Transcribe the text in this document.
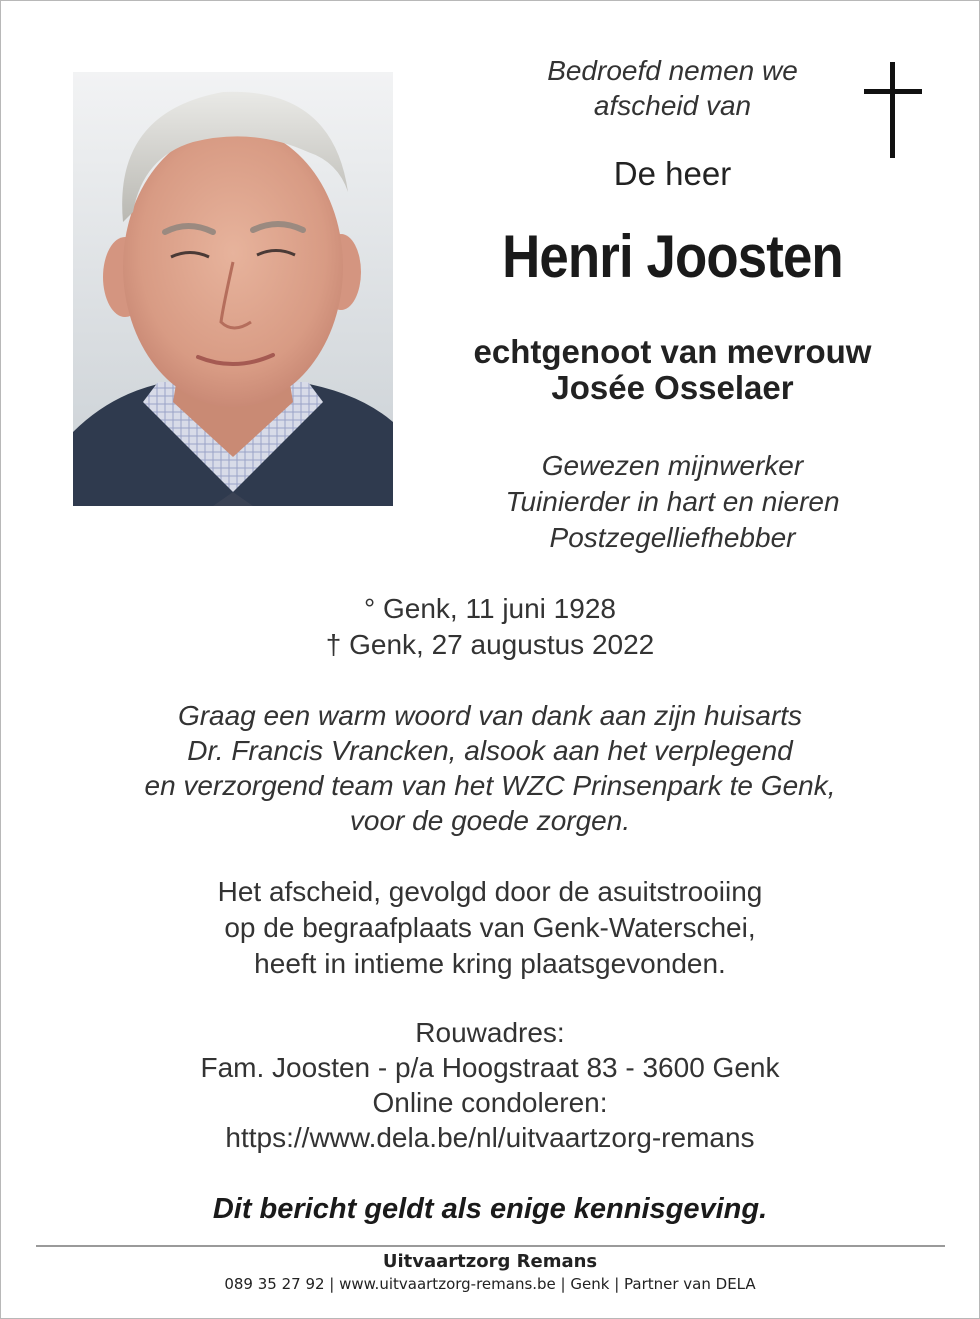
Bedroefd nemen we
afscheid van
De heer
Henri Joosten
echtgenoot van mevrouw
Josée Osselaer
Gewezen mijnwerker
Tuinierder in hart en nieren
Postzegelliefhebber
° Genk, 11 juni 1928
† Genk, 27 augustus 2022
Graag een warm woord van dank aan zijn huisarts
Dr. Francis Vrancken, alsook aan het verplegend
en verzorgend team van het WZC Prinsenpark te Genk,
voor de goede zorgen.
Het afscheid, gevolgd door de asuitstrooiing
op de begraafplaats van Genk-Waterschei,
heeft in intieme kring plaatsgevonden.
Rouwadres:
Fam. Joosten - p/a Hoogstraat 83 - 3600 Genk
Online condoleren:
https://www.dela.be/nl/uitvaartzorg-remans
Dit bericht geldt als enige kennisgeving.
Uitvaartzorg Remans
089 35 27 92 | www.uitvaartzorg-remans.be | Genk | Partner van DELA
